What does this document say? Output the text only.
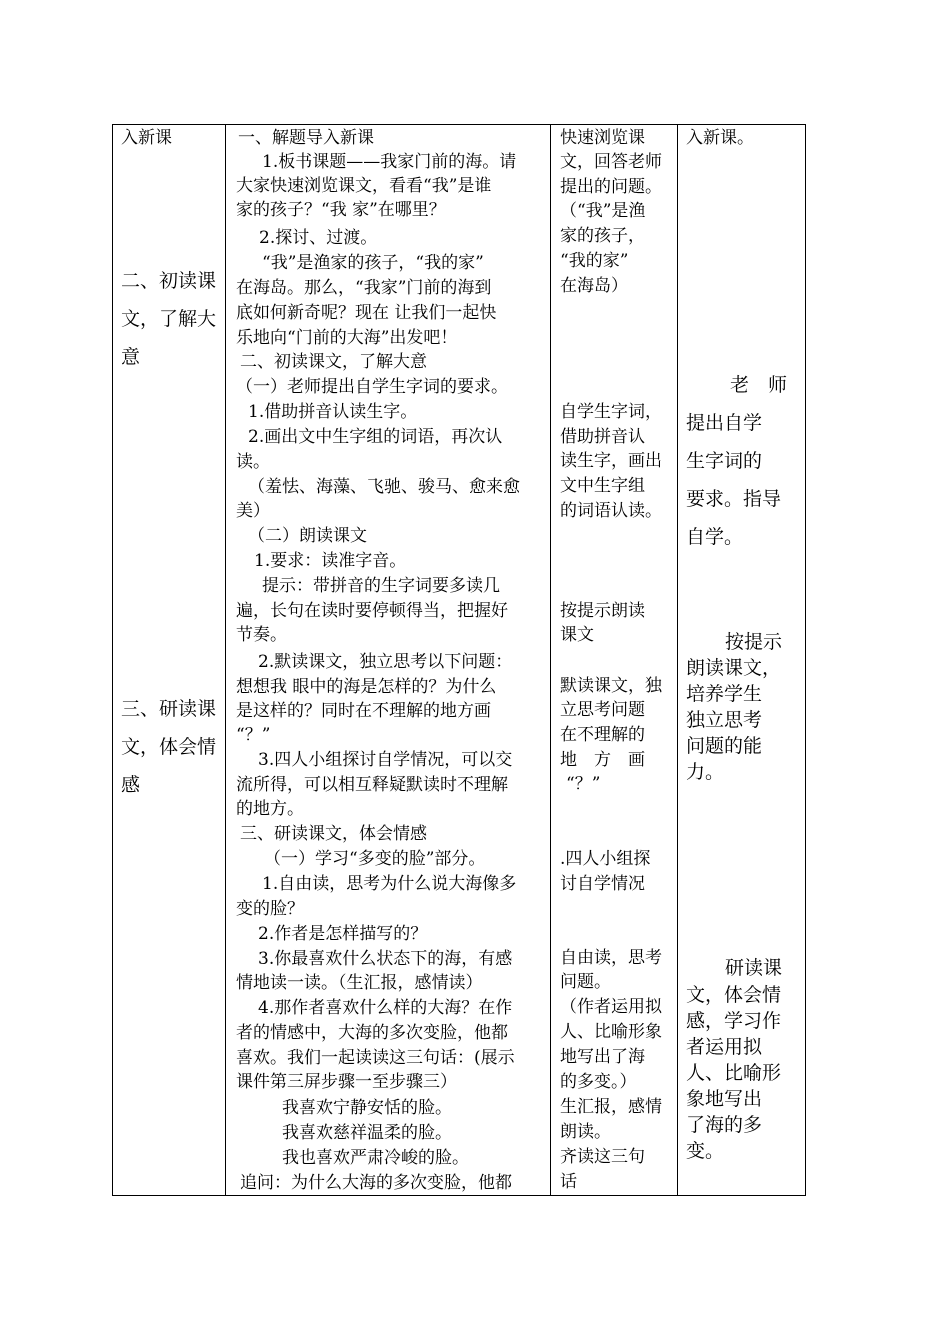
入新课
二、初读课
文，了解大
意
三、研读课
文，体会情
感
一、解题导入新课
1.板书课题——我家门前的海。请
大家快速浏览课文，看看“我”是谁
家的孩子？“我 家”在哪里？
2.探讨、过渡。
“我”是渔家的孩子，“我的家”
在海岛。那么，“我家”门前的海到
底如何新奇呢？现在 让我们一起快
乐地向“门前的大海”出发吧！
二、初读课文，了解大意
（一）老师提出自学生字词的要求。
1.借助拼音认读生字。
2.画出文中生字组的词语，再次认
读。
（羞怯、海藻、飞驰、骏马、愈来愈
美）
（二）朗读课文
1.要求：读准字音。
提示：带拼音的生字词要多读几
遍，长句在读时要停顿得当，把握好
节奏。
2.默读课文，独立思考以下问题：
想想我 眼中的海是怎样的？为什么
是这样的？同时在不理解的地方画
“？”
3.四人小组探讨自学情况，可以交
流所得，可以相互释疑默读时不理解
的地方。
三、研读课文，体会情感
（一）学习“多变的脸”部分。
1.自由读，思考为什么说大海像多
变的脸？
2.作者是怎样描写的？
3.你最喜欢什么状态下的海，有感
情地读一读。（生汇报，感情读）
4.那作者喜欢什么样的大海？在作
者的情感中，大海的多次变脸，他都
喜欢。我们一起读读这三句话：(展示
课件第三屏步骤一至步骤三）
我喜欢宁静安恬的脸。
我喜欢慈祥温柔的脸。
我也喜欢严肃冷峻的脸。
追问：为什么大海的多次变脸，他都
快速浏览课
文，回答老师
提出的问题。
（“我”是渔
家的孩子，
“我的家”
在海岛）
自学生字词，
借助拼音认
读生字，画出
文中生字组
的词语认读。
按提示朗读
课文
默读课文，独
立思考问题
在不理解的
地　方　画
“？”
.四人小组探
讨自学情况
自由读，思考
问题。
（作者运用拟
人、比喻形象
地写出了海
的多变。）
生汇报，感情
朗读。
齐读这三句
话
入新课。
老　师
提出自学
生字词的
要求。指导
自学。
按提示
朗读课文，
培养学生
独立思考
问题的能
力。
研读课
文，体会情
感，学习作
者运用拟
人、比喻形
象地写出
了海的多
变。
